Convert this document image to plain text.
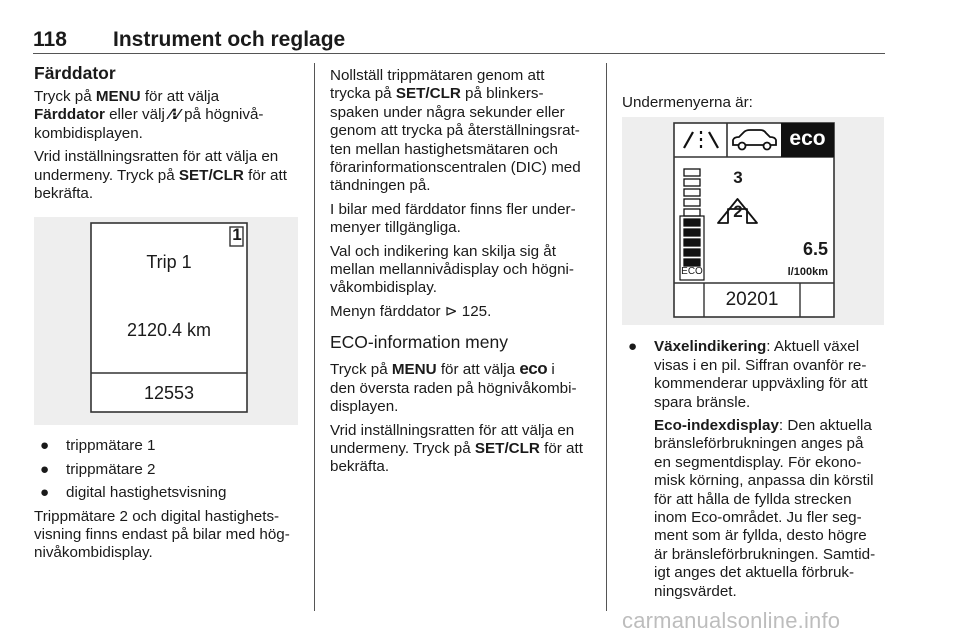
118 Instrument och reglage
Färddator

Tryck på MENU för att välja
Färddator eller välj ⁄⁝⁄ på högnivå-
kombidisplayen.

Vrid inställningsratten för att välja en
undermeny. Tryck på SET/CLR för att
bekräfta.

1
Trip 1
2120.4 km
12553
● trippmätare 1
● trippmätare 2
● digital hastighetsvisning

Trippmätare 2 och digital hastighets-
visning finns endast på bilar med hög-
nivåkombidisplay.

Nollställ trippmätaren genom att
trycka på SET/CLR på blinkers-
spaken under några sekunder eller
genom att trycka på återställningsrat-
ten mellan hastighetsmätaren och
förarinformationscentralen (DIC) med
tändningen på.

I bilar med färddator finns fler under-
menyer tillgängliga.

Val och indikering kan skilja sig åt
mellan mellannivådisplay och högni-
våkombidisplay.

Menyn färddator ⊳ 125.

ECO-information meny

Tryck på MENU för att välja eco i
den översta raden på högnivåkombi-
displayen.

Vrid inställningsratten för att välja en
undermeny. Tryck på SET/CLR för att
bekräfta.

Undermenyerna är:

eco
3
2
ECO
6.5
l/100km
20201
● Växelindikering: Aktuell växel
visas i en pil. Siffran ovanför re-
kommenderar uppväxling för att
spara bränsle.

Eco-indexdisplay: Den aktuella
bränsleförbrukningen anges på
en segmentdisplay. För ekono-
misk körning, anpassa din körstil
för att hålla de fyllda strecken
inom Eco-området. Ju fler seg-
ment som är fyllda, desto högre
är bränsleförbrukningen. Samtid-
igt anges det aktuella förbruk-
ningsvärdet.

carmanualsonline.info
